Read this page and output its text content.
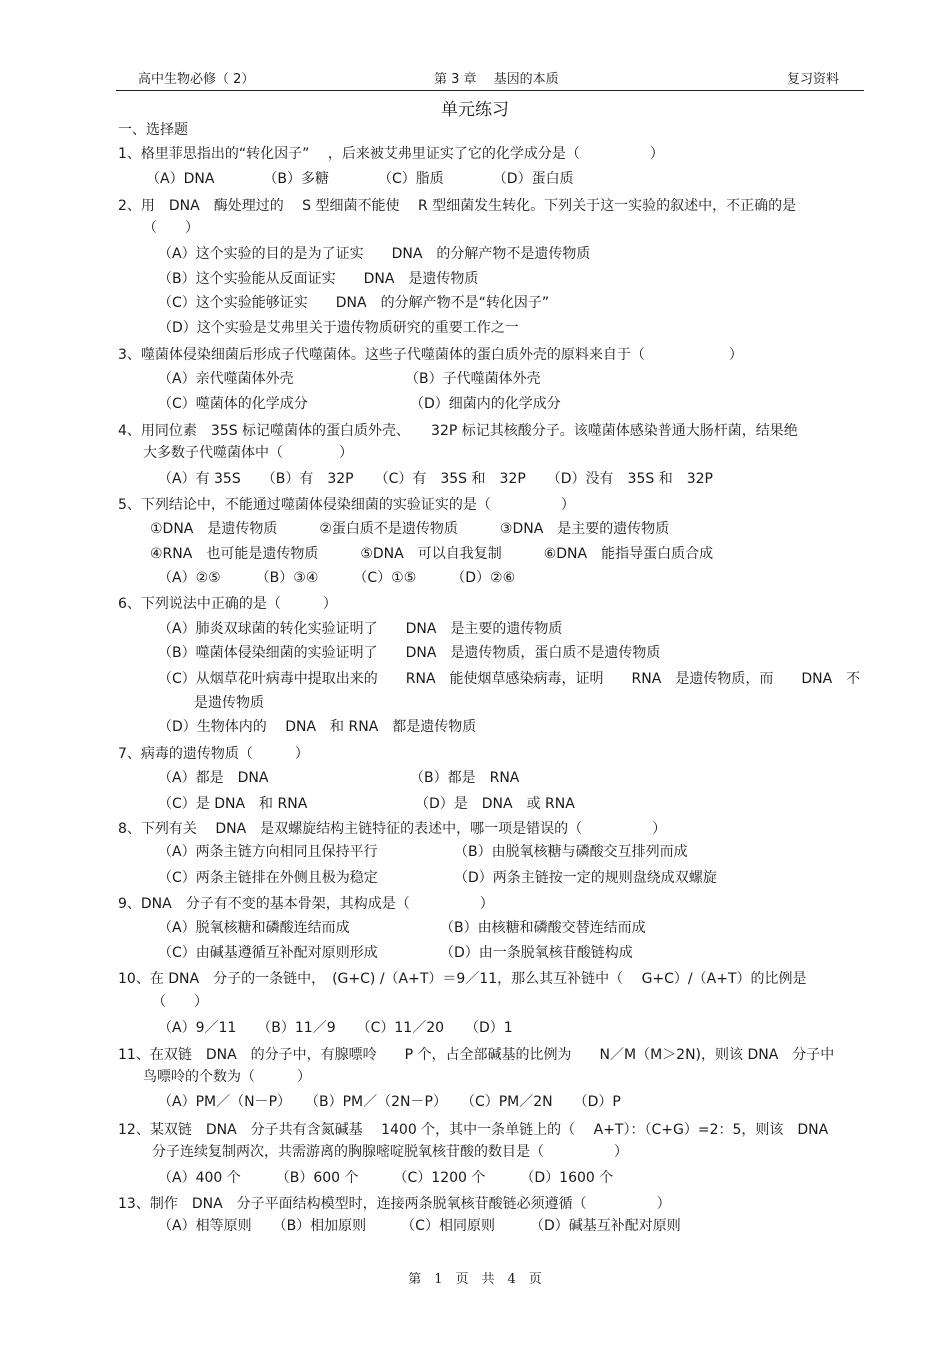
高中生物必修（ 2）	第 3 章　 基因的本质	复习资料
单元练习
一、选择题
1、格里菲思指出的“转化因子”　 ，后来被艾弗里证实了它的化学成分是（　　　　　）
（A）DNA　　　　（B）多糖　　　　（C）脂质　　　　（D）蛋白质
2、用　DNA　酶处理过的　 S 型细菌不能使　 R 型细菌发生转化。下列关于这一实验的叙述中，不正确的是
（　　）
（A）这个实验的目的是为了证实　　DNA　的分解产物不是遗传物质
（B）这个实验能从反面证实　　DNA　是遗传物质
（C）这个实验能够证实　　DNA　的分解产物不是“转化因子”
（D）这个实验是艾弗里关于遗传物质研究的重要工作之一
3、噬菌体侵染细菌后形成子代噬菌体。这些子代噬菌体的蛋白质外壳的原料来自于（　　　　　　）
（A）亲代噬菌体外壳	（B）子代噬菌体外壳
（C）噬菌体的化学成分	（D）细菌内的化学成分
4、用同位素　35S 标记噬菌体的蛋白质外壳、　　32P 标记其核酸分子。该噬菌体感染普通大肠杆菌，结果绝
大多数子代噬菌体中（　　　　）
（A）有 35S　　（B）有　32P　　（C）有　35S 和　32P　　（D）没有　35S 和　32P
5、下列结论中，不能通过噬菌体侵染细菌的实验证实的是（　　　　　）
①DNA　是遗传物质　　　②蛋白质不是遗传物质　　　③DNA　是主要的遗传物质
④RNA　也可能是遗传物质　　　⑤DNA　可以自我复制　　　⑥DNA　能指导蛋白质合成
（A）②⑤　　　（B）③④　　　（C）①⑤　　　（D）②⑥
6、下列说法中正确的是（　　　）
（A）肺炎双球菌的转化实验证明了　　DNA　是主要的遗传物质
（B）噬菌体侵染细菌的实验证明了　　DNA　是遗传物质，蛋白质不是遗传物质
（C）从烟草花叶病毒中提取出来的　　RNA　能使烟草感染病毒，证明　　RNA　是遗传物质，而　　DNA　不
是遗传物质
（D）生物体内的　 DNA　和 RNA　都是遗传物质
7、病毒的遗传物质（　　　）
（A）都是　DNA	（B）都是　RNA
（C）是 DNA　和 RNA	（D）是　DNA　或 RNA
8、下列有关　 DNA　是双螺旋结构主链特征的表述中，哪一项是错误的（　　　　　）
（A）两条主链方向相同且保持平行	（B）由脱氧核糖与磷酸交互排列而成
（C）两条主链排在外侧且极为稳定	（D）两条主链按一定的规则盘绕成双螺旋
9、DNA　分子有不变的基本骨架，其构成是（　　　　　）
（A）脱氧核糖和磷酸连结而成	（B）由核糖和磷酸交替连结而成
（C）由碱基遵循互补配对原则形成	（D）由一条脱氧核苷酸链构成
10、在 DNA　分子的一条链中，　(G+C) /（A+T）＝9／11，那么其互补链中（　 G+C）/（A+T）的比例是
（　　）
（A）9／11　　（B）11／9　　（C）11／20　　（D）1
11、在双链　DNA　的分子中，有腺嘌呤　　P 个，占全部碱基的比例为　　N／M（M＞2N)，则该 DNA　分子中
鸟嘌呤的个数为（　　　）
（A）PM／（N－P）　　（B）PM／（2N－P）　　（C）PM／2N　　（D）P
12、某双链　DNA　分子共有含氮碱基　 1400 个，其中一条单链上的（　 A+T）：（C+G）=2：5，则该　DNA
分子连续复制两次，共需游离的胸腺嘧啶脱氧核苷酸的数目是（　　　　　）
（A）400 个　　　（B）600 个　　　（C）1200 个　　　（D）1600 个
13、制作　DNA　分子平面结构模型时，连接两条脱氧核苷酸链必须遵循（　　　　　）
（A）相等原则　　（B）相加原则　　　（C）相同原则　　　（D）碱基互补配对原则
第　1　页　共　4　页
